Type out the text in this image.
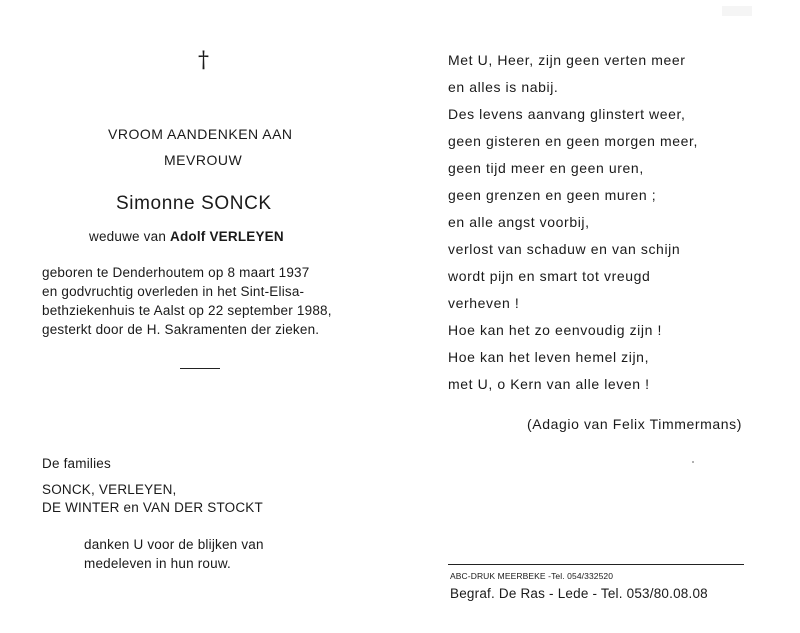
†
VROOM AANDENKEN AAN
MEVROUW
Simonne SONCK
weduwe van Adolf VERLEYEN
geboren te Denderhoutem op 8 maart 1937
en godvruchtig overleden in het Sint-Elisa-
bethziekenhuis te Aalst op 22 september 1988,
gesterkt door de H. Sakramenten der zieken.
De families
SONCK, VERLEYEN,
DE WINTER en VAN DER STOCKT
danken U voor de blijken van
medeleven in hun rouw.
Met U, Heer, zijn geen verten meer
en alles is nabij.
Des levens aanvang glinstert weer,
geen gisteren en geen morgen meer,
geen tijd meer en geen uren,
geen grenzen en geen muren ;
en alle angst voorbij,
verlost van schaduw en van schijn
wordt pijn en smart tot vreugd
verheven !
Hoe kan het zo eenvoudig zijn !
Hoe kan het leven hemel zijn,
met U, o Kern van alle leven !
(Adagio van Felix Timmermans)
ABC-DRUK MEERBEKE -Tel. 054/332520
Begraf. De Ras - Lede - Tel. 053/80.08.08
